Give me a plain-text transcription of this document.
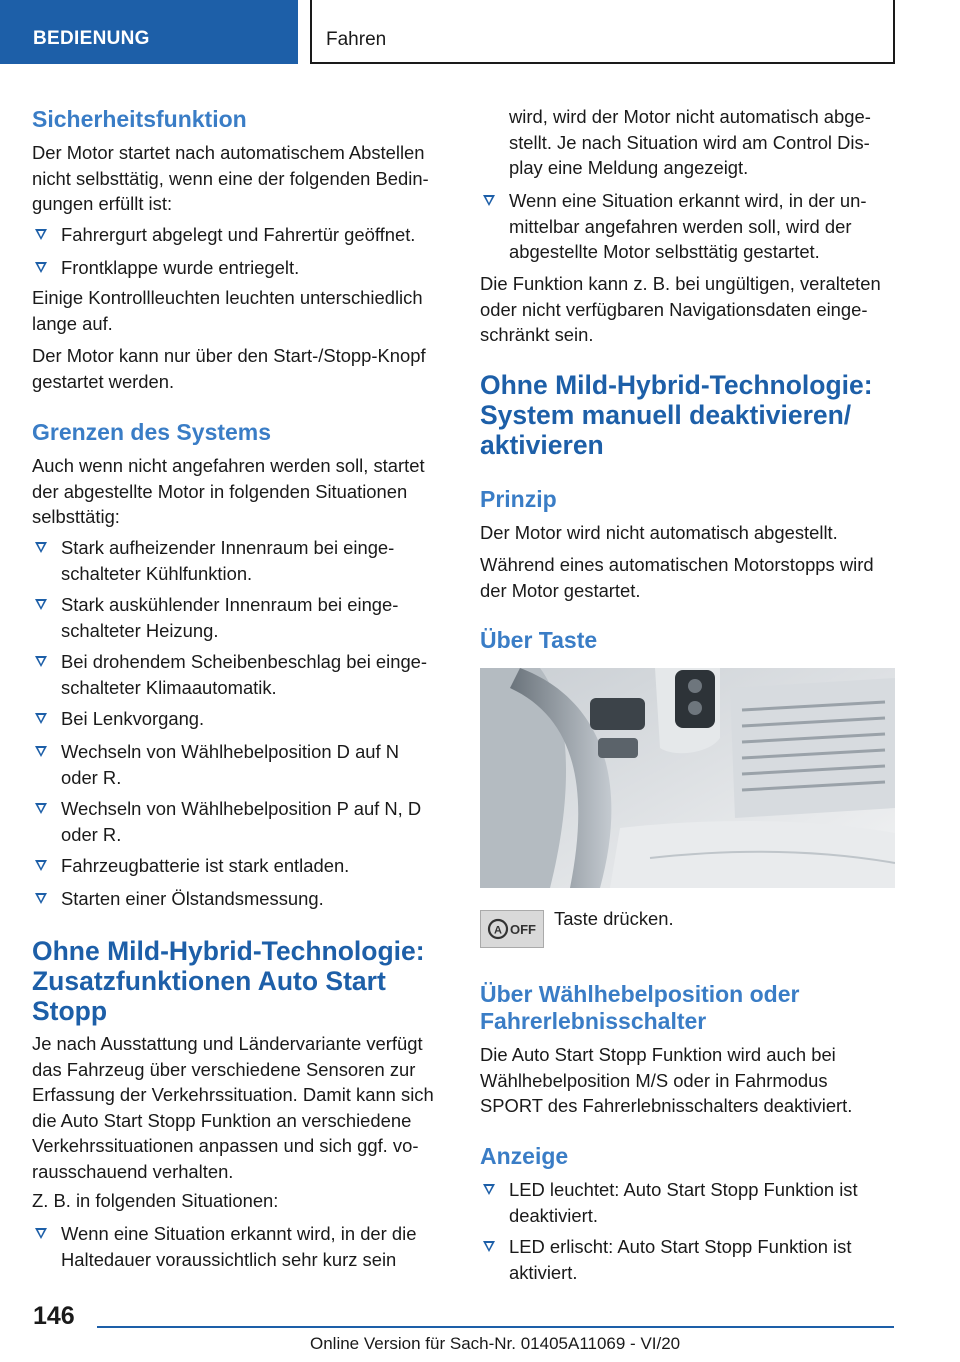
BEDIENUNG	Fahren
Sicherheitsfunktion
Der Motor startet nach automatischem Abstellen
nicht selbsttätig, wenn eine der folgenden Bedin-
gungen erfüllt ist:
Fahrergurt abgelegt und Fahrertür geöffnet.
Frontklappe wurde entriegelt.
Einige Kontrollleuchten leuchten unterschiedlich
lange auf.
Der Motor kann nur über den Start-/Stopp-Knopf
gestartet werden.
Grenzen des Systems
Auch wenn nicht angefahren werden soll, startet
der abgestellte Motor in folgenden Situationen
selbsttätig:
Stark aufheizender Innenraum bei einge-
schalteter Kühlfunktion.
Stark auskühlender Innenraum bei einge-
schalteter Heizung.
Bei drohendem Scheibenbeschlag bei einge-
schalteter Klimaautomatik.
Bei Lenkvorgang.
Wechseln von Wählhebelposition D auf N
oder R.
Wechseln von Wählhebelposition P auf N, D
oder R.
Fahrzeugbatterie ist stark entladen.
Starten einer Ölstandsmessung.
Ohne Mild-Hybrid-Technologie:
Zusatzfunktionen Auto Start
Stopp
Je nach Ausstattung und Ländervariante verfügt
das Fahrzeug über verschiedene Sensoren zur
Erfassung der Verkehrssituation. Damit kann sich
die Auto Start Stopp Funktion an verschiedene
Verkehrssituationen anpassen und sich ggf. vo-
rausschauend verhalten.
Z. B. in folgenden Situationen:
Wenn eine Situation erkannt wird, in der die
Haltedauer voraussichtlich sehr kurz sein
wird, wird der Motor nicht automatisch abge-
stellt. Je nach Situation wird am Control Dis-
play eine Meldung angezeigt.
Wenn eine Situation erkannt wird, in der un-
mittelbar angefahren werden soll, wird der
abgestellte Motor selbsttätig gestartet.
Die Funktion kann z. B. bei ungültigen, veralteten
oder nicht verfügbaren Navigationsdaten einge-
schränkt sein.
Ohne Mild-Hybrid-Technologie:
System manuell deaktivieren/
aktivieren
Prinzip
Der Motor wird nicht automatisch abgestellt.
Während eines automatischen Motorstopps wird
der Motor gestartet.
Über Taste
Taste drücken.
Über Wählhebelposition oder
Fahrerlebnisschalter
Die Auto Start Stopp Funktion wird auch bei
Wählhebelposition M/S oder in Fahrmodus
SPORT des Fahrerlebnisschalters deaktiviert.
Anzeige
LED leuchtet: Auto Start Stopp Funktion ist
deaktiviert.
LED erlischt: Auto Start Stopp Funktion ist
aktiviert.
A OFF
146
Online Version für Sach-Nr. 01405A11069 - VI/20
